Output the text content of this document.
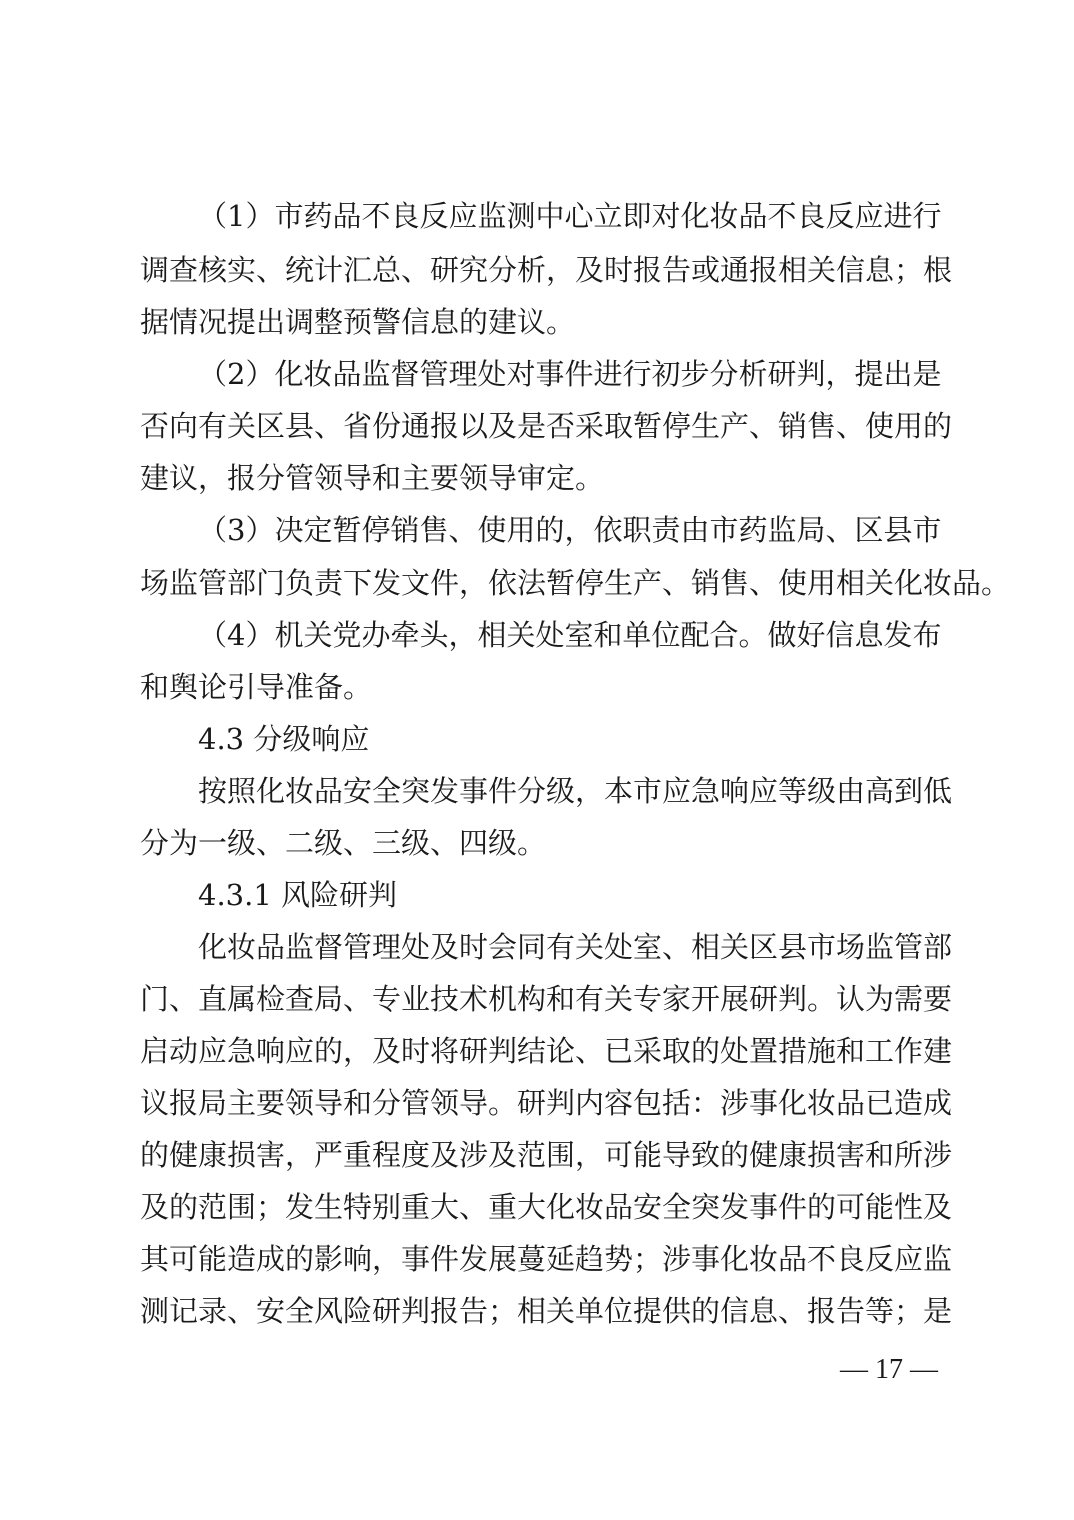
（1）市药品不良反应监测中心立即对化妆品不良反应进行
调查核实、统计汇总、研究分析，及时报告或通报相关信息；根
据情况提出调整预警信息的建议。
（2）化妆品监督管理处对事件进行初步分析研判，提出是
否向有关区县、省份通报以及是否采取暂停生产、销售、使用的
建议，报分管领导和主要领导审定。
（3）决定暂停销售、使用的，依职责由市药监局、区县市
场监管部门负责下发文件，依法暂停生产、销售、使用相关化妆品。
（4）机关党办牵头，相关处室和单位配合。做好信息发布
和舆论引导准备。
4.3 分级响应
按照化妆品安全突发事件分级，本市应急响应等级由高到低
分为一级、二级、三级、四级。
4.3.1 风险研判
化妆品监督管理处及时会同有关处室、相关区县市场监管部
门、直属检查局、专业技术机构和有关专家开展研判。认为需要
启动应急响应的，及时将研判结论、已采取的处置措施和工作建
议报局主要领导和分管领导。研判内容包括：涉事化妆品已造成
的健康损害，严重程度及涉及范围，可能导致的健康损害和所涉
及的范围；发生特别重大、重大化妆品安全突发事件的可能性及
其可能造成的影响，事件发展蔓延趋势；涉事化妆品不良反应监
测记录、安全风险研判报告；相关单位提供的信息、报告等；是
— 17 —
